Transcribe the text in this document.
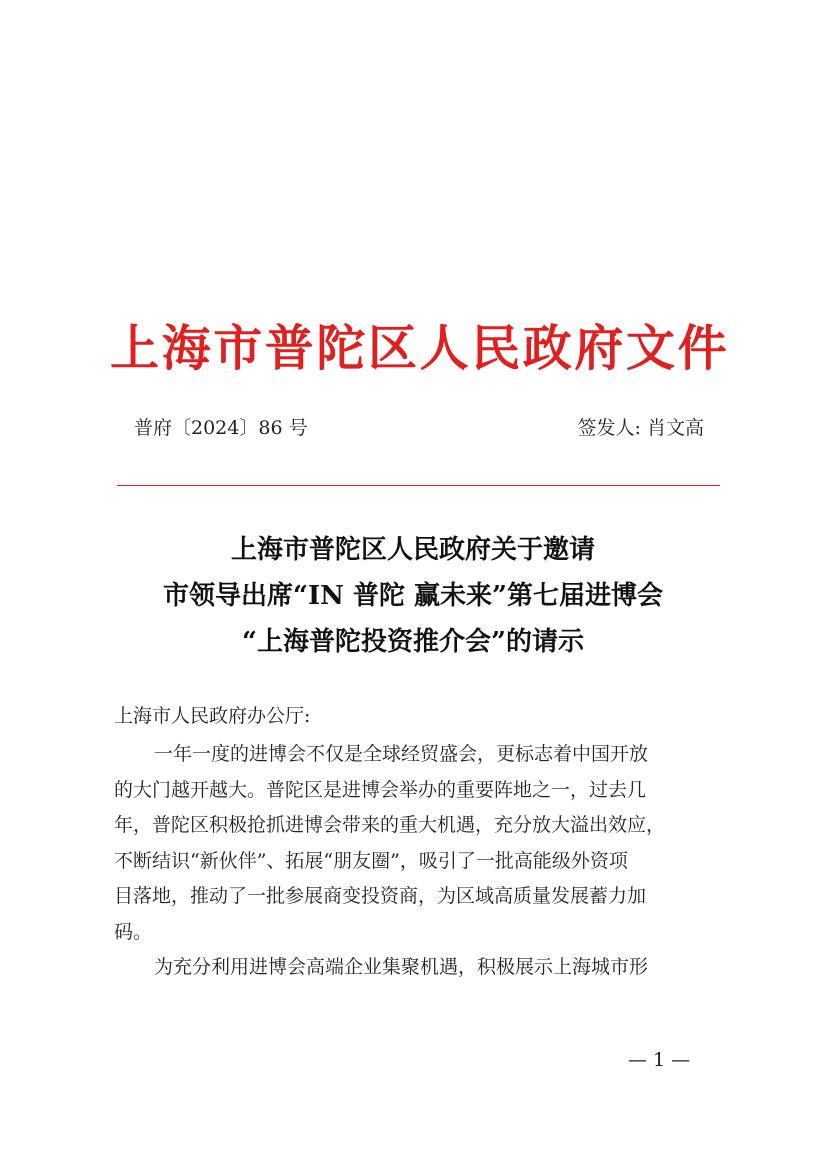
上海市普陀区人民政府文件
普府〔2024〕86 号	签发人: 肖文高
上海市普陀区人民政府关于邀请
市领导出席“IN 普陀 赢未来”第七届进博会
“上海普陀投资推介会”的请示
上海市人民政府办公厅:
一年一度的进博会不仅是全球经贸盛会，更标志着中国开放
的大门越开越大。普陀区是进博会举办的重要阵地之一，过去几
年，普陀区积极抢抓进博会带来的重大机遇，充分放大溢出效应，
不断结识“新伙伴”、拓展“朋友圈”，吸引了一批高能级外资项
目落地，推动了一批参展商变投资商，为区域高质量发展蓄力加
码。
为充分利用进博会高端企业集聚机遇，积极展示上海城市形
— 1 —
